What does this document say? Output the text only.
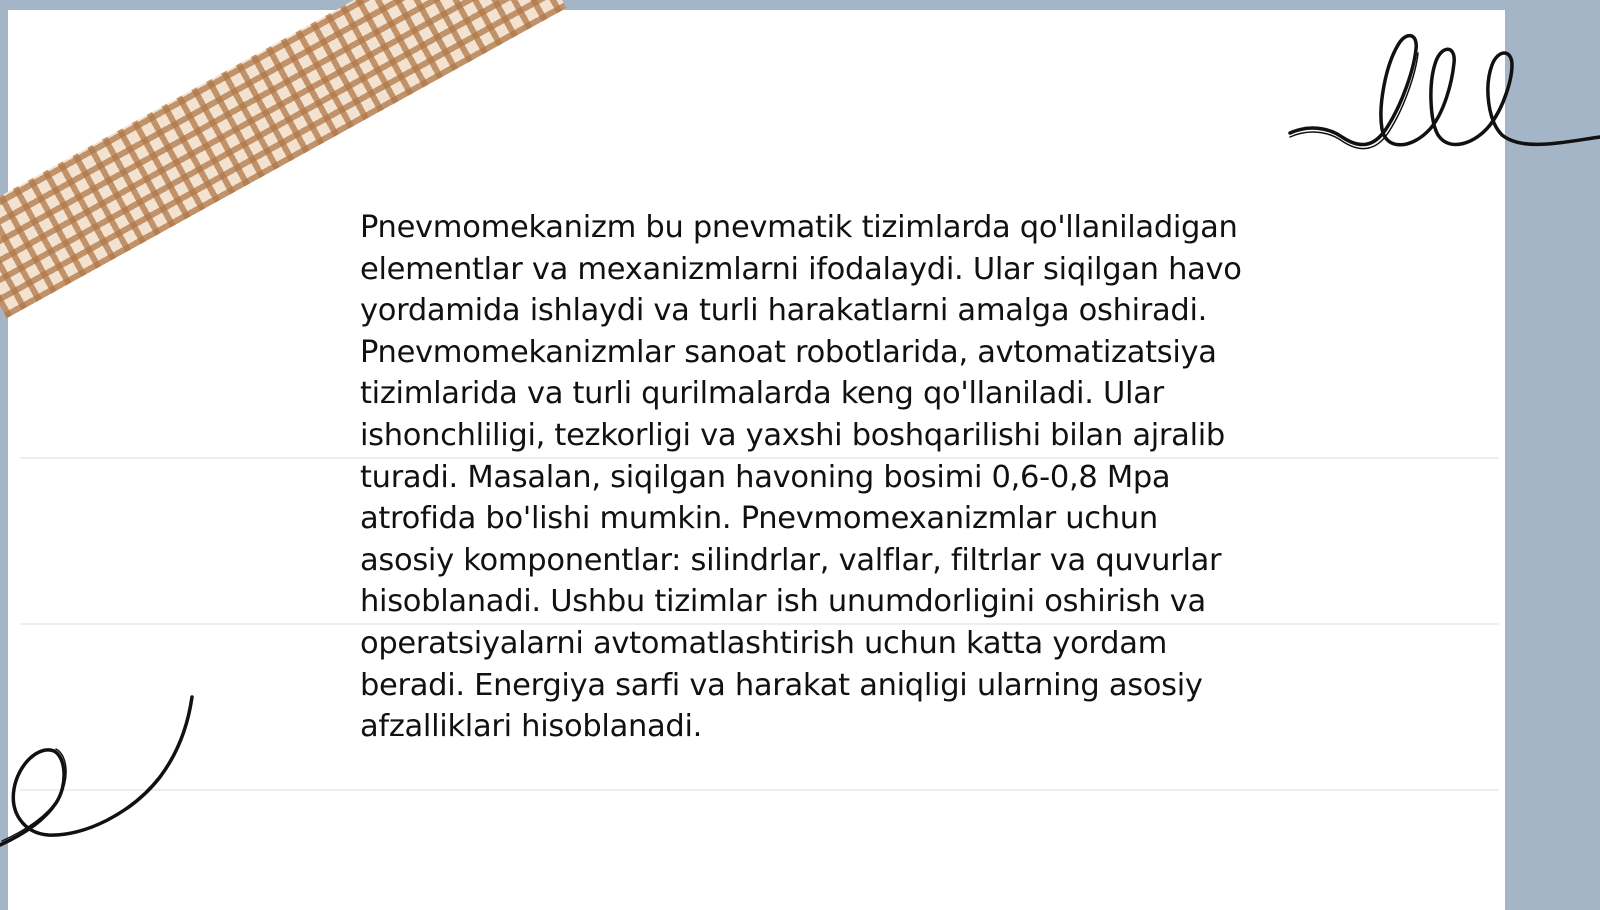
Pnevmomekanizm bu pnevmatik tizimlarda qo'llaniladigan elementlar va mexanizmlarni ifodalaydi. Ular siqilgan havo yordamida ishlaydi va turli harakatlarni amalga oshiradi. Pnevmomekanizmlar sanoat robotlarida, avtomatizatsiya tizimlarida va turli qurilmalarda keng qo'llaniladi. Ular ishonchliligi, tezkorligi va yaxshi boshqarilishi bilan ajralib turadi. Masalan, siqilgan havoning bosimi 0,6-0,8 Mpa atrofida bo'lishi mumkin. Pnevmomexanizmlar uchun asosiy komponentlar: silindrlar, valflar, filtrlar va quvurlar hisoblanadi. Ushbu tizimlar ish unumdorligini oshirish va operatsiyalarni avtomatlashtirish uchun katta yordam beradi. Energiya sarfi va harakat aniqligi ularning asosiy afzalliklari hisoblanadi.
